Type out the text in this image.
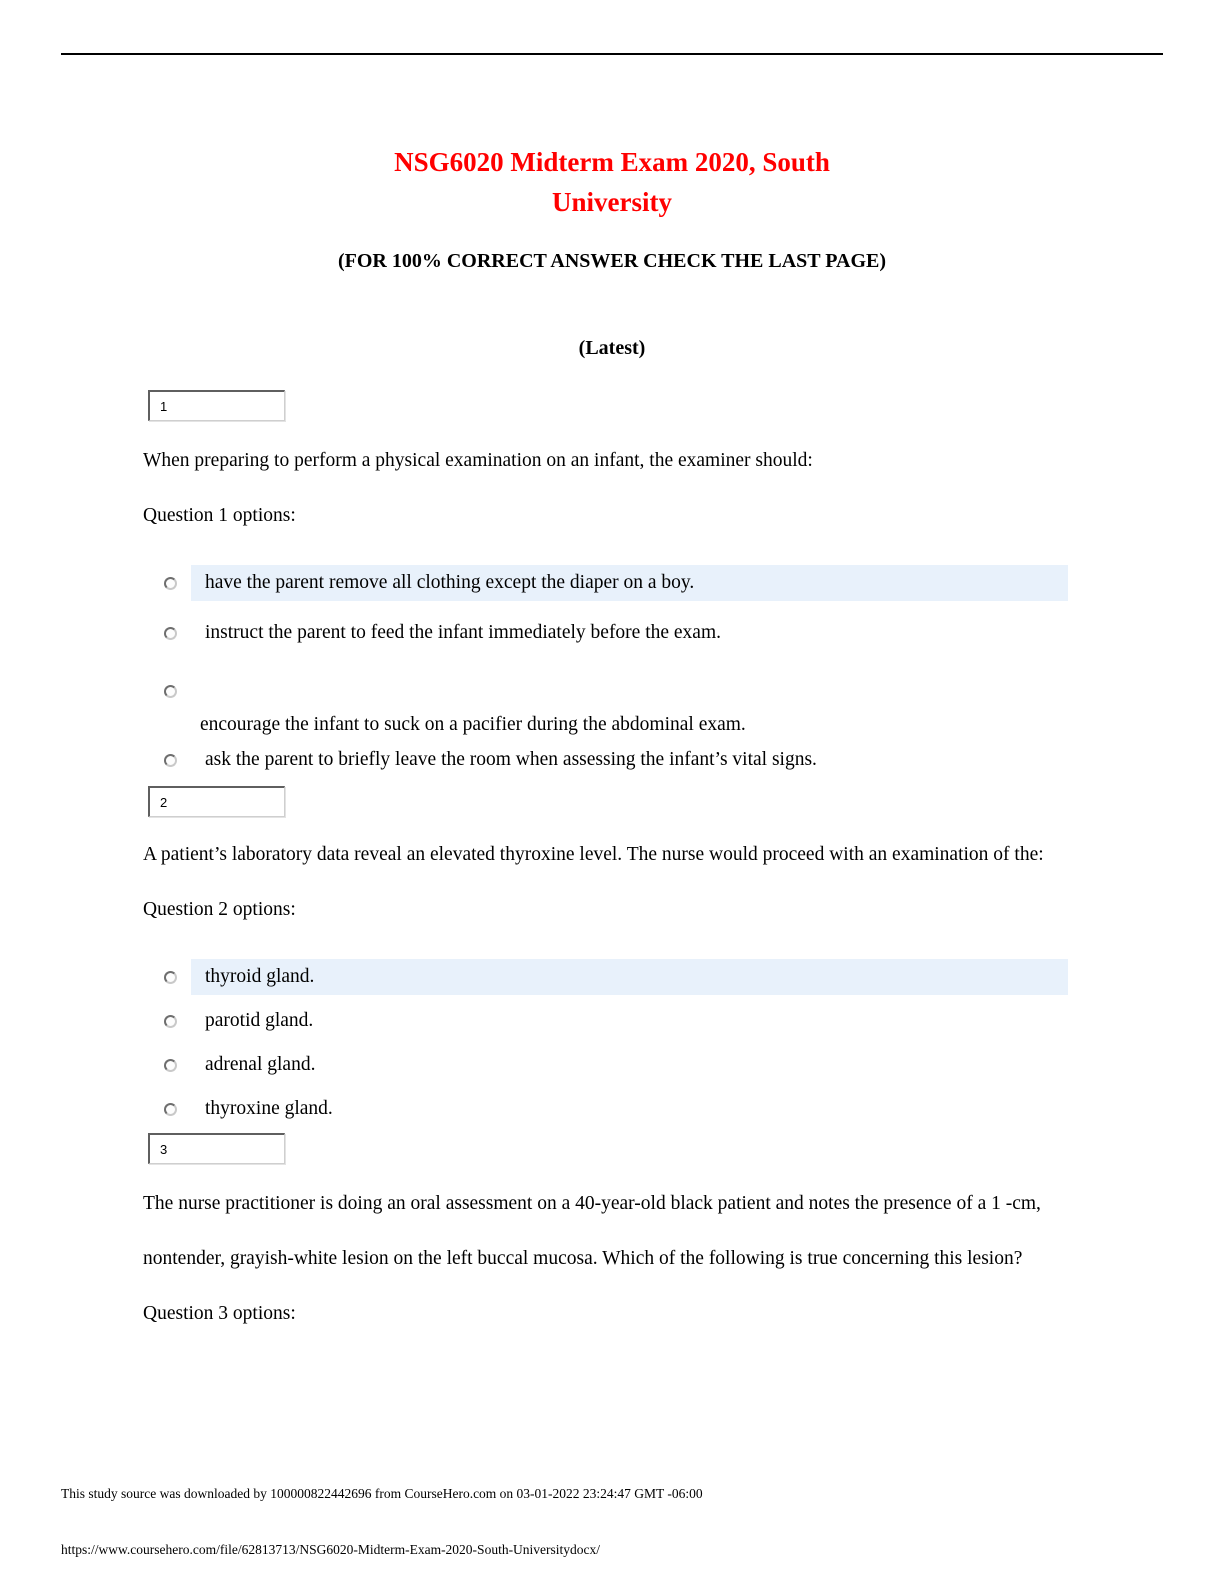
NSG6020 Midterm Exam 2020, South
University
(FOR 100% CORRECT ANSWER CHECK THE LAST PAGE)
(Latest)
1
When preparing to perform a physical examination on an infant, the examiner should:
Question 1 options:
have the parent remove all clothing except the diaper on a boy.
instruct the parent to feed the infant immediately before the exam.
encourage the infant to suck on a pacifier during the abdominal exam.
ask the parent to briefly leave the room when assessing the infant’s vital signs.
2
A patient’s laboratory data reveal an elevated thyroxine level. The nurse would proceed with an examination of the:
Question 2 options:
thyroid gland.
parotid gland.
adrenal gland.
thyroxine gland.
3
The nurse practitioner is doing an oral assessment on a 40-year-old black patient and notes the presence of a 1 -cm, nontender, grayish-white lesion on the left buccal mucosa. Which of the following is true concerning this lesion?
Question 3 options:
This study source was downloaded by 100000822442696 from CourseHero.com on 03-01-2022 23:24:47 GMT -06:00
https://www.coursehero.com/file/62813713/NSG6020-Midterm-Exam-2020-South-Universitydocx/
